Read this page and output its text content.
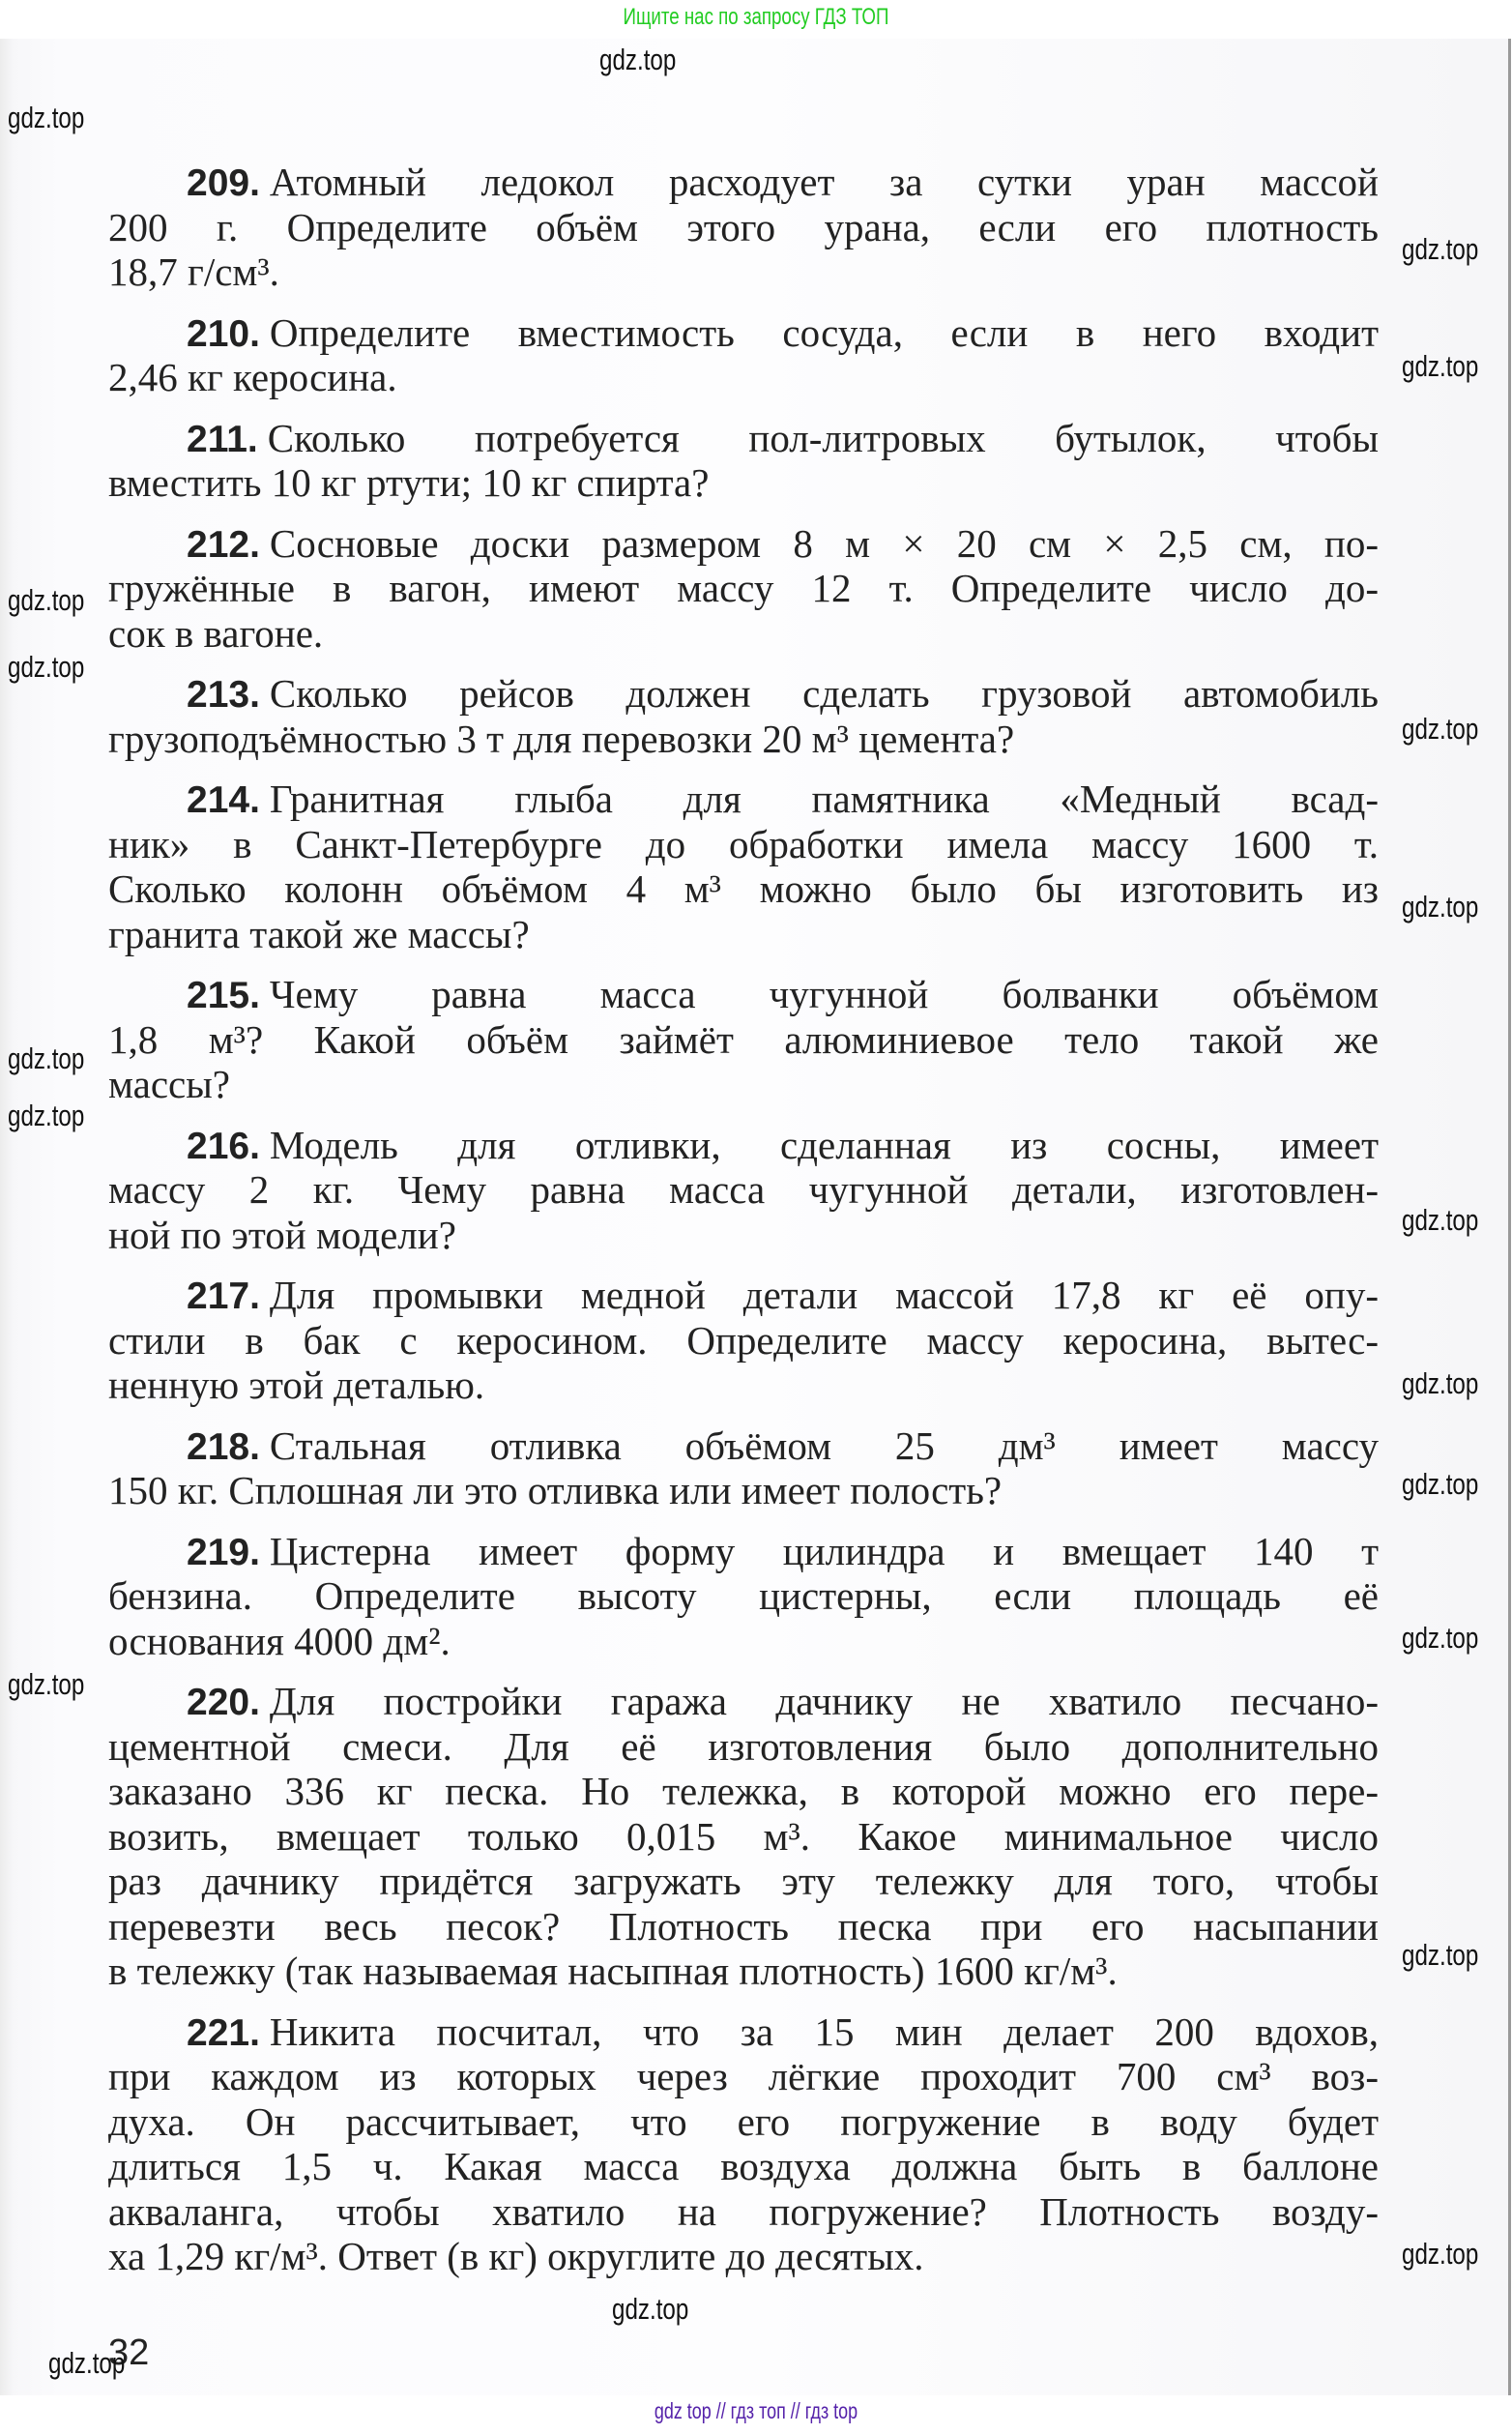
Ищите нас по запросу ГДЗ ТОП
209. Атомный ледокол расходует за сутки уран массой
200 г. Определите объём этого урана, если его плотность
18,7 г/см³.
210. Определите вместимость сосуда, если в него входит
2,46 кг керосина.
211. Сколько потребуется пол-литровых бутылок, чтобы
вместить 10 кг ртути; 10 кг спирта?
212. Сосновые доски размером 8 м × 20 см × 2,5 см, по-
гружённые в вагон, имеют массу 12 т. Определите число до-
сок в вагоне.
213. Сколько рейсов должен сделать грузовой автомобиль
грузоподъёмностью 3 т для перевозки 20 м³ цемента?
214. Гранитная глыба для памятника «Медный всад-
ник» в Санкт-Петербурге до обработки имела массу 1600 т.
Сколько колонн объёмом 4 м³ можно было бы изготовить из
гранита такой же массы?
215. Чему равна масса чугунной болванки объёмом
1,8 м³? Какой объём займёт алюминиевое тело такой же
массы?
216. Модель для отливки, сделанная из сосны, имеет
массу 2 кг. Чему равна масса чугунной детали, изготовлен-
ной по этой модели?
217. Для промывки медной детали массой 17,8 кг её опу-
стили в бак с керосином. Определите массу керосина, вытес-
ненную этой деталью.
218. Стальная отливка объёмом 25 дм³ имеет массу
150 кг. Сплошная ли это отливка или имеет полость?
219. Цистерна имеет форму цилиндра и вмещает 140 т
бензина. Определите высоту цистерны, если площадь её
основания 4000 дм².
220. Для постройки гаража дачнику не хватило песчано-
цементной смеси. Для её изготовления было дополнительно
заказано 336 кг песка. Но тележка, в которой можно его пере-
возить, вмещает только 0,015 м³. Какое минимальное число
раз дачнику придётся загружать эту тележку для того, чтобы
перевезти весь песок? Плотность песка при его насыпании
в тележку (так называемая насыпная плотность) 1600 кг/м³.
221. Никита посчитал, что за 15 мин делает 200 вдохов,
при каждом из которых через лёгкие проходит 700 см³ воз-
духа. Он рассчитывает, что его погружение в воду будет
длиться 1,5 ч. Какая масса воздуха должна быть в баллоне
акваланга, чтобы хватило на погружение? Плотность возду-
ха 1,29 кг/м³. Ответ (в кг) округлите до десятых.
32
gdz.top
gdz.top
gdz.top
gdz.top
gdz.top
gdz.top
gdz.top
gdz.top
gdz.top
gdz.top
gdz.top
gdz.top
gdz.top
gdz.top
gdz.top
gdz.top
gdz.top
gdz.top
gdz.top
gdz top // гдз топ // гдз top
